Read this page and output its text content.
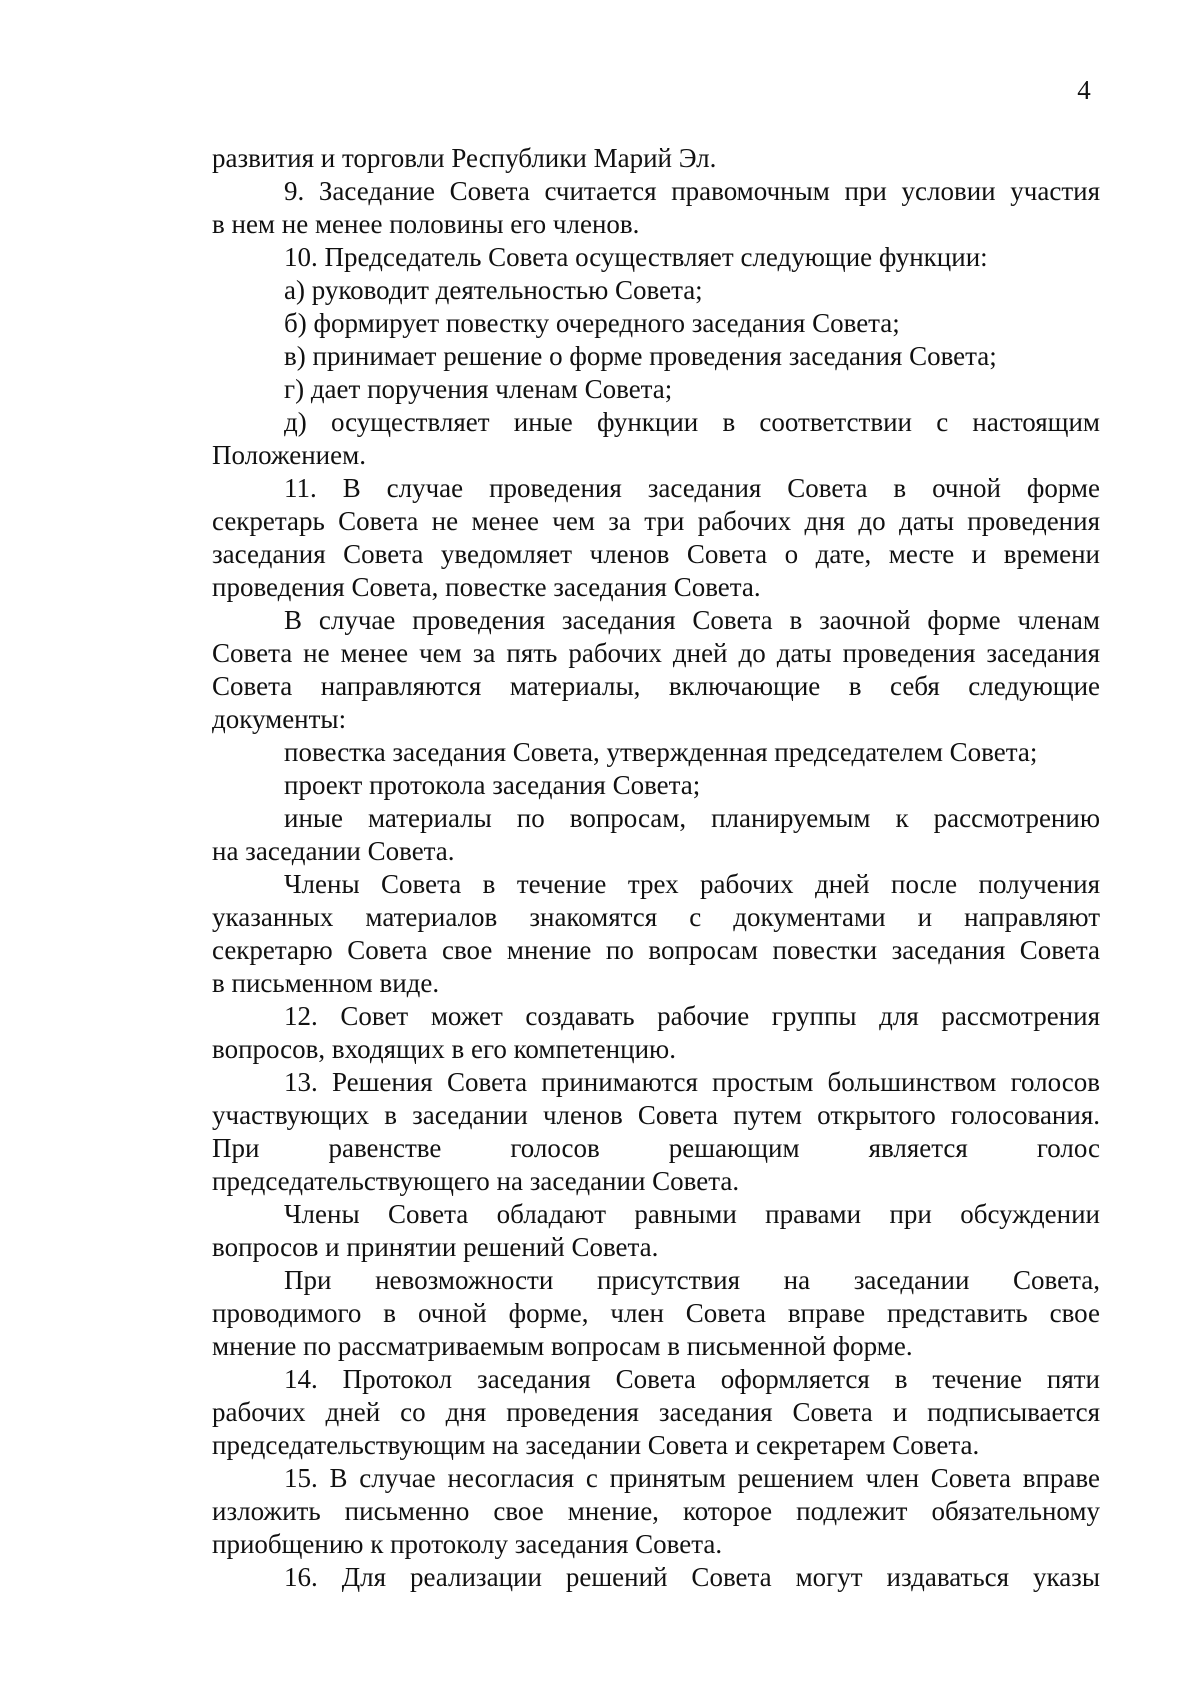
4
развития и торговли Республики Марий Эл.
9. Заседание Совета считается правомочным при условии участия
в нем не менее половины его членов.
10. Председатель Совета осуществляет следующие функции:
а) руководит деятельностью Совета;
б) формирует повестку очередного заседания Совета;
в) принимает решение о форме проведения заседания Совета;
г) дает поручения членам Совета;
д) осуществляет иные функции в соответствии с настоящим
Положением.
11. В случае проведения заседания Совета в очной форме
секретарь Совета не менее чем за три рабочих дня до даты проведения
заседания Совета уведомляет членов Совета о дате, месте и времени
проведения Совета, повестке заседания Совета.
В случае проведения заседания Совета в заочной форме членам
Совета не менее чем за пять рабочих дней до даты проведения заседания
Совета направляются материалы, включающие в себя следующие
документы:
повестка заседания Совета, утвержденная председателем Совета;
проект протокола заседания Совета;
иные материалы по вопросам, планируемым к рассмотрению
на заседании Совета.
Члены Совета в течение трех рабочих дней после получения
указанных материалов знакомятся с документами и направляют
секретарю Совета свое мнение по вопросам повестки заседания Совета
в письменном виде.
12. Совет может создавать рабочие группы для рассмотрения
вопросов, входящих в его компетенцию.
13. Решения Совета принимаются простым большинством голосов
участвующих в заседании членов Совета путем открытого голосования.
При равенстве голосов решающим является голос
председательствующего на заседании Совета.
Члены Совета обладают равными правами при обсуждении
вопросов и принятии решений Совета.
При невозможности присутствия на заседании Совета,
проводимого в очной форме, член Совета вправе представить свое
мнение по рассматриваемым вопросам в письменной форме.
14. Протокол заседания Совета оформляется в течение пяти
рабочих дней со дня проведения заседания Совета и подписывается
председательствующим на заседании Совета и секретарем Совета.
15. В случае несогласия с принятым решением член Совета вправе
изложить письменно свое мнение, которое подлежит обязательному
приобщению к протоколу заседания Совета.
16. Для реализации решений Совета могут издаваться указы
